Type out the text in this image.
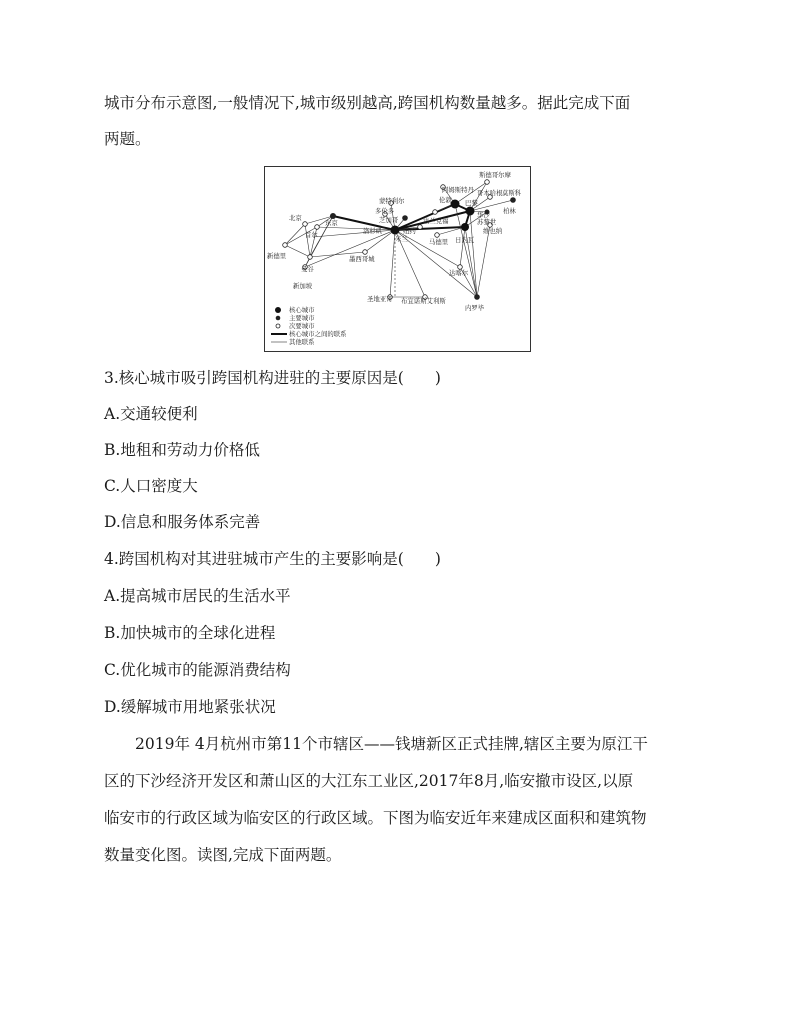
城市分布示意图,一般情况下,城市级别越高,跨国机构数量越多。据此完成下面
两题。
斯德哥尔摩
阿姆斯特丹 哥本哈根 莫斯科
柏林
伦敦 巴黎
华沙
蒙特利尔
多伦多
芝加哥
纽约
法兰克福	苏黎世
维也纳
米兰
北京
东京
首尔
新德里
曼谷
新加坡
洛杉矶
墨西哥城
马德里 日内瓦
达喀尔
内罗毕
圣地亚哥 布宜诺斯艾利斯
核心城市
主要城市
次要城市
核心城市之间的联系
其他联系
3.核心城市吸引跨国机构进驻的主要原因是(　　)
A.交通较便利
B.地租和劳动力价格低
C.人口密度大
D.信息和服务体系完善
4.跨国机构对其进驻城市产生的主要影响是(　　)
A.提高城市居民的生活水平
B.加快城市的全球化进程
C.优化城市的能源消费结构
D.缓解城市用地紧张状况
2019年 4月杭州市第11个市辖区——钱塘新区正式挂牌,辖区主要为原江干
区的下沙经济开发区和萧山区的大江东工业区,2017年8月,临安撤市设区,以原
临安市的行政区域为临安区的行政区域。下图为临安近年来建成区面积和建筑物
数量变化图。读图,完成下面两题。
